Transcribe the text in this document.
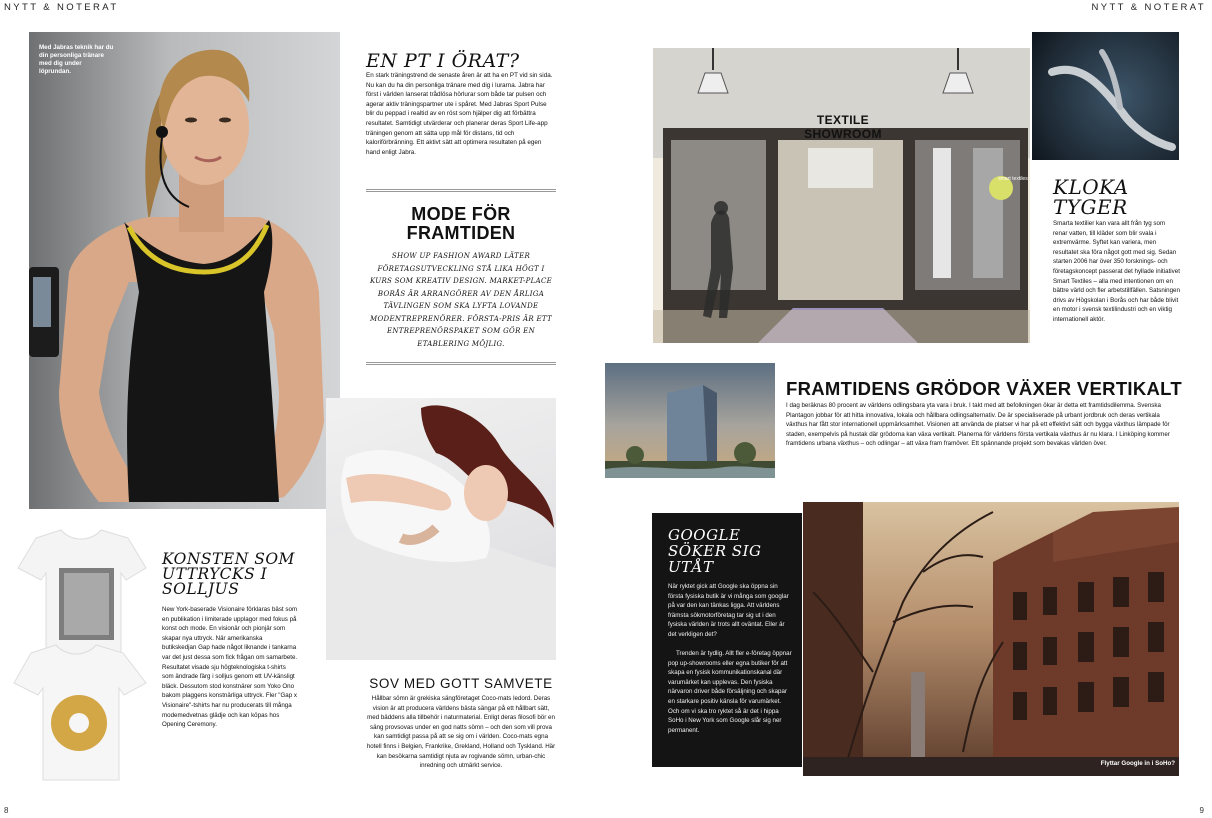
NYTT & NOTERAT	NYTT & NOTERAT
8	9
Med Jabras teknik har du din personliga tränare med dig under löprundan.	EN PT I ÖRAT?
En stark träningstrend de senaste åren är att ha en PT vid sin sida. Nu kan du ha din personliga tränare med dig i lurarna. Jabra har först i världen lanserat trådlösa hörlurar som både tar pulsen och agerar aktiv träningspartner ute i spåret. Med Jabras Sport Pulse blir du peppad i realtid av en röst som hjälper dig att förbättra resultatet. Samtidigt utvärderar och planerar deras Sport Life-app träningen genom att sätta upp mål för distans, tid och kaloriförbränning. Ett aktivt sätt att optimera resultaten på egen hand enligt Jabra.
MODE FÖR FRAMTIDEN
SHOW UP FASHION AWARD LÄTER FÖRETAGSUTVECKLING STÅ LIKA HÖGT I KURS SOM KREATIV DESIGN. MARKET-PLACE BORÅS ÄR ARRANGÖRER AV DEN ÅRLIGA TÄVLINGEN SOM SKA LYFTA LOVANDE MODENTREPRENÖRER. FÖRSTA-PRIS ÄR ETT ENTREPRENÖRSPAKET SOM GÖR EN ETABLERING MÖJLIG.
SOV MED GOTT SAMVETE
Hållbar sömn är grekiska sängföretaget Coco-mats ledord. Deras vision är att producera världens bästa sängar på ett hållbart sätt, med bäddens alla tillbehör i naturmaterial. Enligt deras filosofi bör en säng provsovas under en god natts sömn – och den som vill prova kan samtidigt passa på att se sig om i världen. Coco-mats egna hotell finns i Belgien, Frankrike, Grekland, Holland och Tyskland. Här kan besökarna samtidigt njuta av rogivande sömn, urban-chic inredning och utmärkt service.
KONSTEN SOM UTTRYCKS I SOLLJUS
New York-baserade Visionaire förklaras bäst som en publikation i limiterade upplagor med fokus på konst och mode. En visionär och pionjär som skapar nya uttryck. När amerikanska butikskedjan Gap hade något liknande i tankarna var det just dessa som fick frågan om samarbete. Resultatet visade sju högteknologiska t-shirts som ändrade färg i solljus genom ett UV-känsligt bläck. Dessutom stod konstnärer som Yoko Ono bakom plaggens konstnärliga uttryck. Fler "Gap x Visionaire"-tshirts har nu producerats till många modemedvetnas glädje och kan köpas hos Opening Ceremony.
TEXTILE SHOWROOM
smart textiles KLOKA TYGER
Smarta textilier kan vara allt från tyg som renar vatten, till kläder som blir svala i extremvärme. Syftet kan variera, men resultatet ska föra något gott med sig. Sedan starten 2006 har över 350 forsknings- och företagskoncept passerat det hyllade initiativet Smart Textiles – alla med intentionen om en bättre värld och fler arbetstillfällen. Satsningen drivs av Högskolan i Borås och har både blivit en motor i svensk textilindustri och en viktig internationell aktör.
FRAMTIDENS GRÖDOR VÄXER VERTIKALT
I dag beräknas 80 procent av världens odlingsbara yta vara i bruk. I takt med att befolkningen ökar är detta ett framtidsdilemma. Svenska Plantagon jobbar för att hitta innovativa, lokala och hållbara odlingsalternativ. De är specialiserade på urbant jordbruk och deras vertikala växthus har fått stor internationell uppmärksamhet. Visionen att använda de platser vi har på ett effektivt sätt och bygga växthus lämpade för staden, exempelvis på hustak där grödorna kan växa vertikalt. Planerna för världens första vertikala växthus är nu klara. I Linköping kommer framtidens urbana växthus – och odlingar – att växa fram framöver. Ett spännande projekt som bevakas världen över.
GOOGLE SÖKER SIG UTÅT
När ryktet gick att Google ska öppna sin första fysiska butik är vi många som googlar på var den kan tänkas ligga. Att världens främsta sökmotorföretag tar sig ut i den fysiska världen är trots allt oväntat. Eller är det verkligen det?
Trenden är tydlig. Allt fler e-företag öppnar pop up-showrooms eller egna butiker för att skapa en fysisk kommunikationskanal där varumärket kan upplevas. Den fysiska närvaron driver både försäljning och skapar en starkare positiv känsla för varumärket. Och om vi ska tro ryktet så är det i hippa SoHo i New York som Google slår sig ner permanent.
Flyttar Google in i SoHo?
